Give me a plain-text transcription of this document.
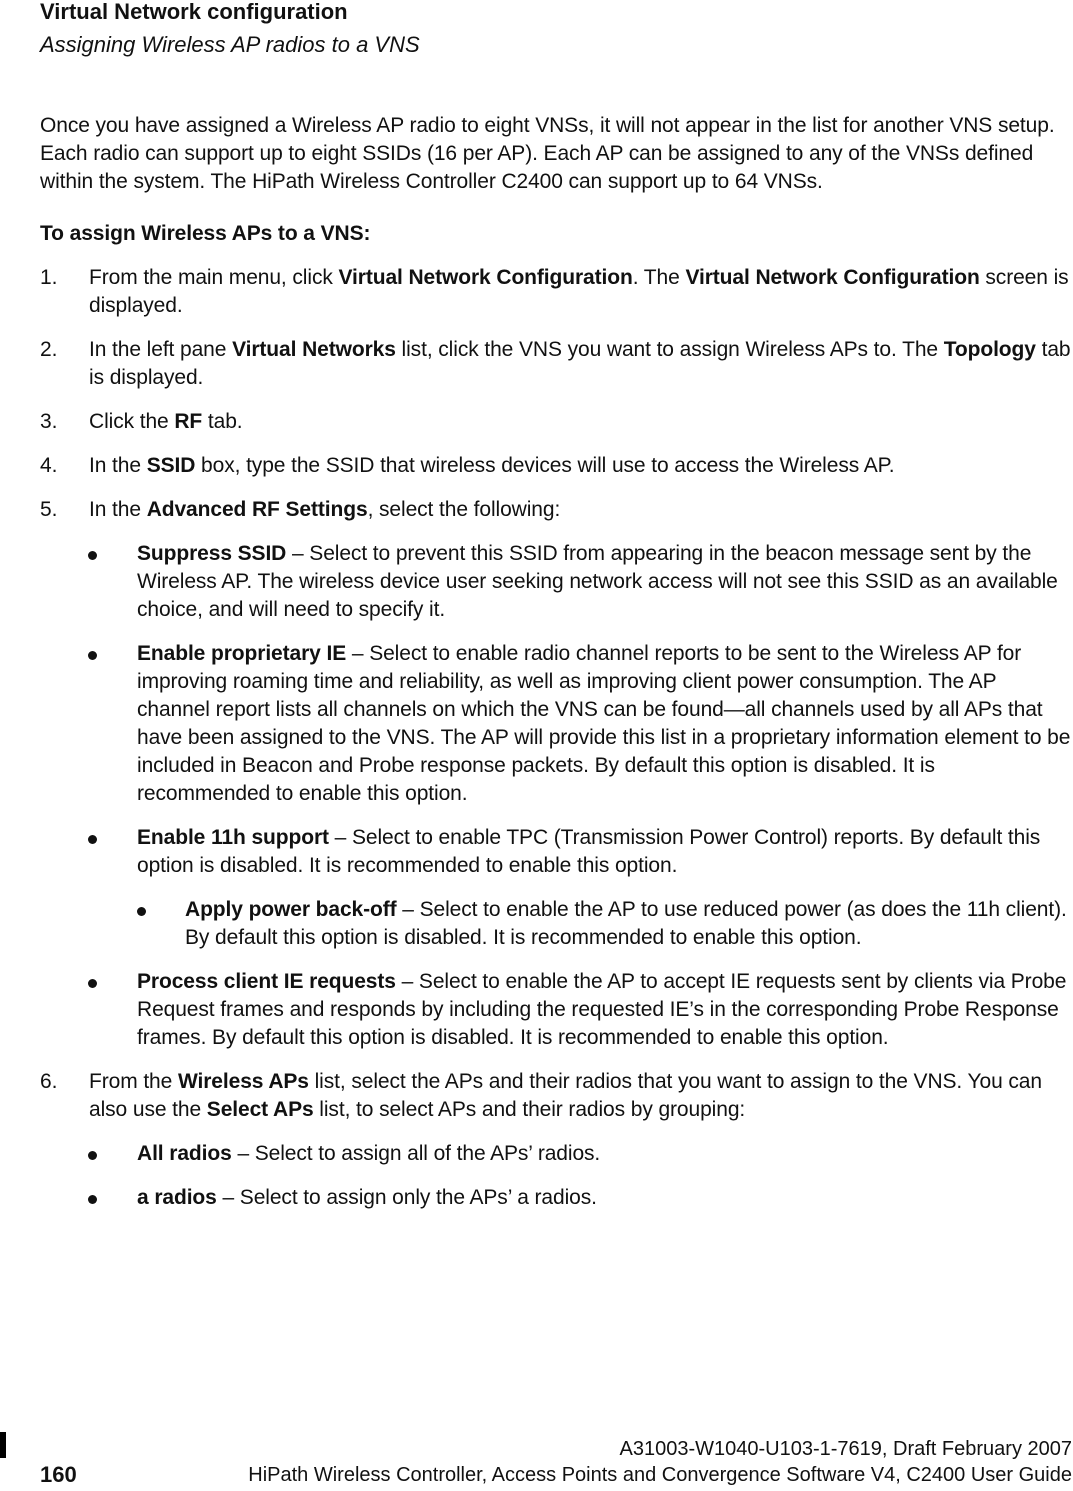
Virtual Network configuration
Assigning Wireless AP radios to a VNS

Once you have assigned a Wireless AP radio to eight VNSs, it will not appear in the list for another VNS setup. Each radio can support up to eight SSIDs (16 per AP). Each AP can be assigned to any of the VNSs defined within the system. The HiPath Wireless Controller C2400 can support up to 64 VNSs.

To assign Wireless APs to a VNS:

1. From the main menu, click Virtual Network Configuration. The Virtual Network Configuration screen is displayed.
2. In the left pane Virtual Networks list, click the VNS you want to assign Wireless APs to. The Topology tab is displayed.
3. Click the RF tab.
4. In the SSID box, type the SSID that wireless devices will use to access the Wireless AP.
5. In the Advanced RF Settings, select the following:
Suppress SSID – Select to prevent this SSID from appearing in the beacon message sent by the Wireless AP. The wireless device user seeking network access will not see this SSID as an available choice, and will need to specify it.
Enable proprietary IE – Select to enable radio channel reports to be sent to the Wireless AP for improving roaming time and reliability, as well as improving client power consumption. The AP channel report lists all channels on which the VNS can be found—all channels used by all APs that have been assigned to the VNS. The AP will provide this list in a proprietary information element to be included in Beacon and Probe response packets. By default this option is disabled. It is recommended to enable this option.
Enable 11h support – Select to enable TPC (Transmission Power Control) reports. By default this option is disabled. It is recommended to enable this option.
Apply power back-off – Select to enable the AP to use reduced power (as does the 11h client). By default this option is disabled. It is recommended to enable this option.
Process client IE requests – Select to enable the AP to accept IE requests sent by clients via Probe Request frames and responds by including the requested IE’s in the corresponding Probe Response frames. By default this option is disabled. It is recommended to enable this option.
6. From the Wireless APs list, select the APs and their radios that you want to assign to the VNS. You can also use the Select APs list, to select APs and their radios by grouping:
All radios – Select to assign all of the APs’ radios.
a radios – Select to assign only the APs’ a radios.
160
A31003-W1040-U103-1-7619, Draft February 2007
HiPath Wireless Controller, Access Points and Convergence Software V4, C2400 User Guide
